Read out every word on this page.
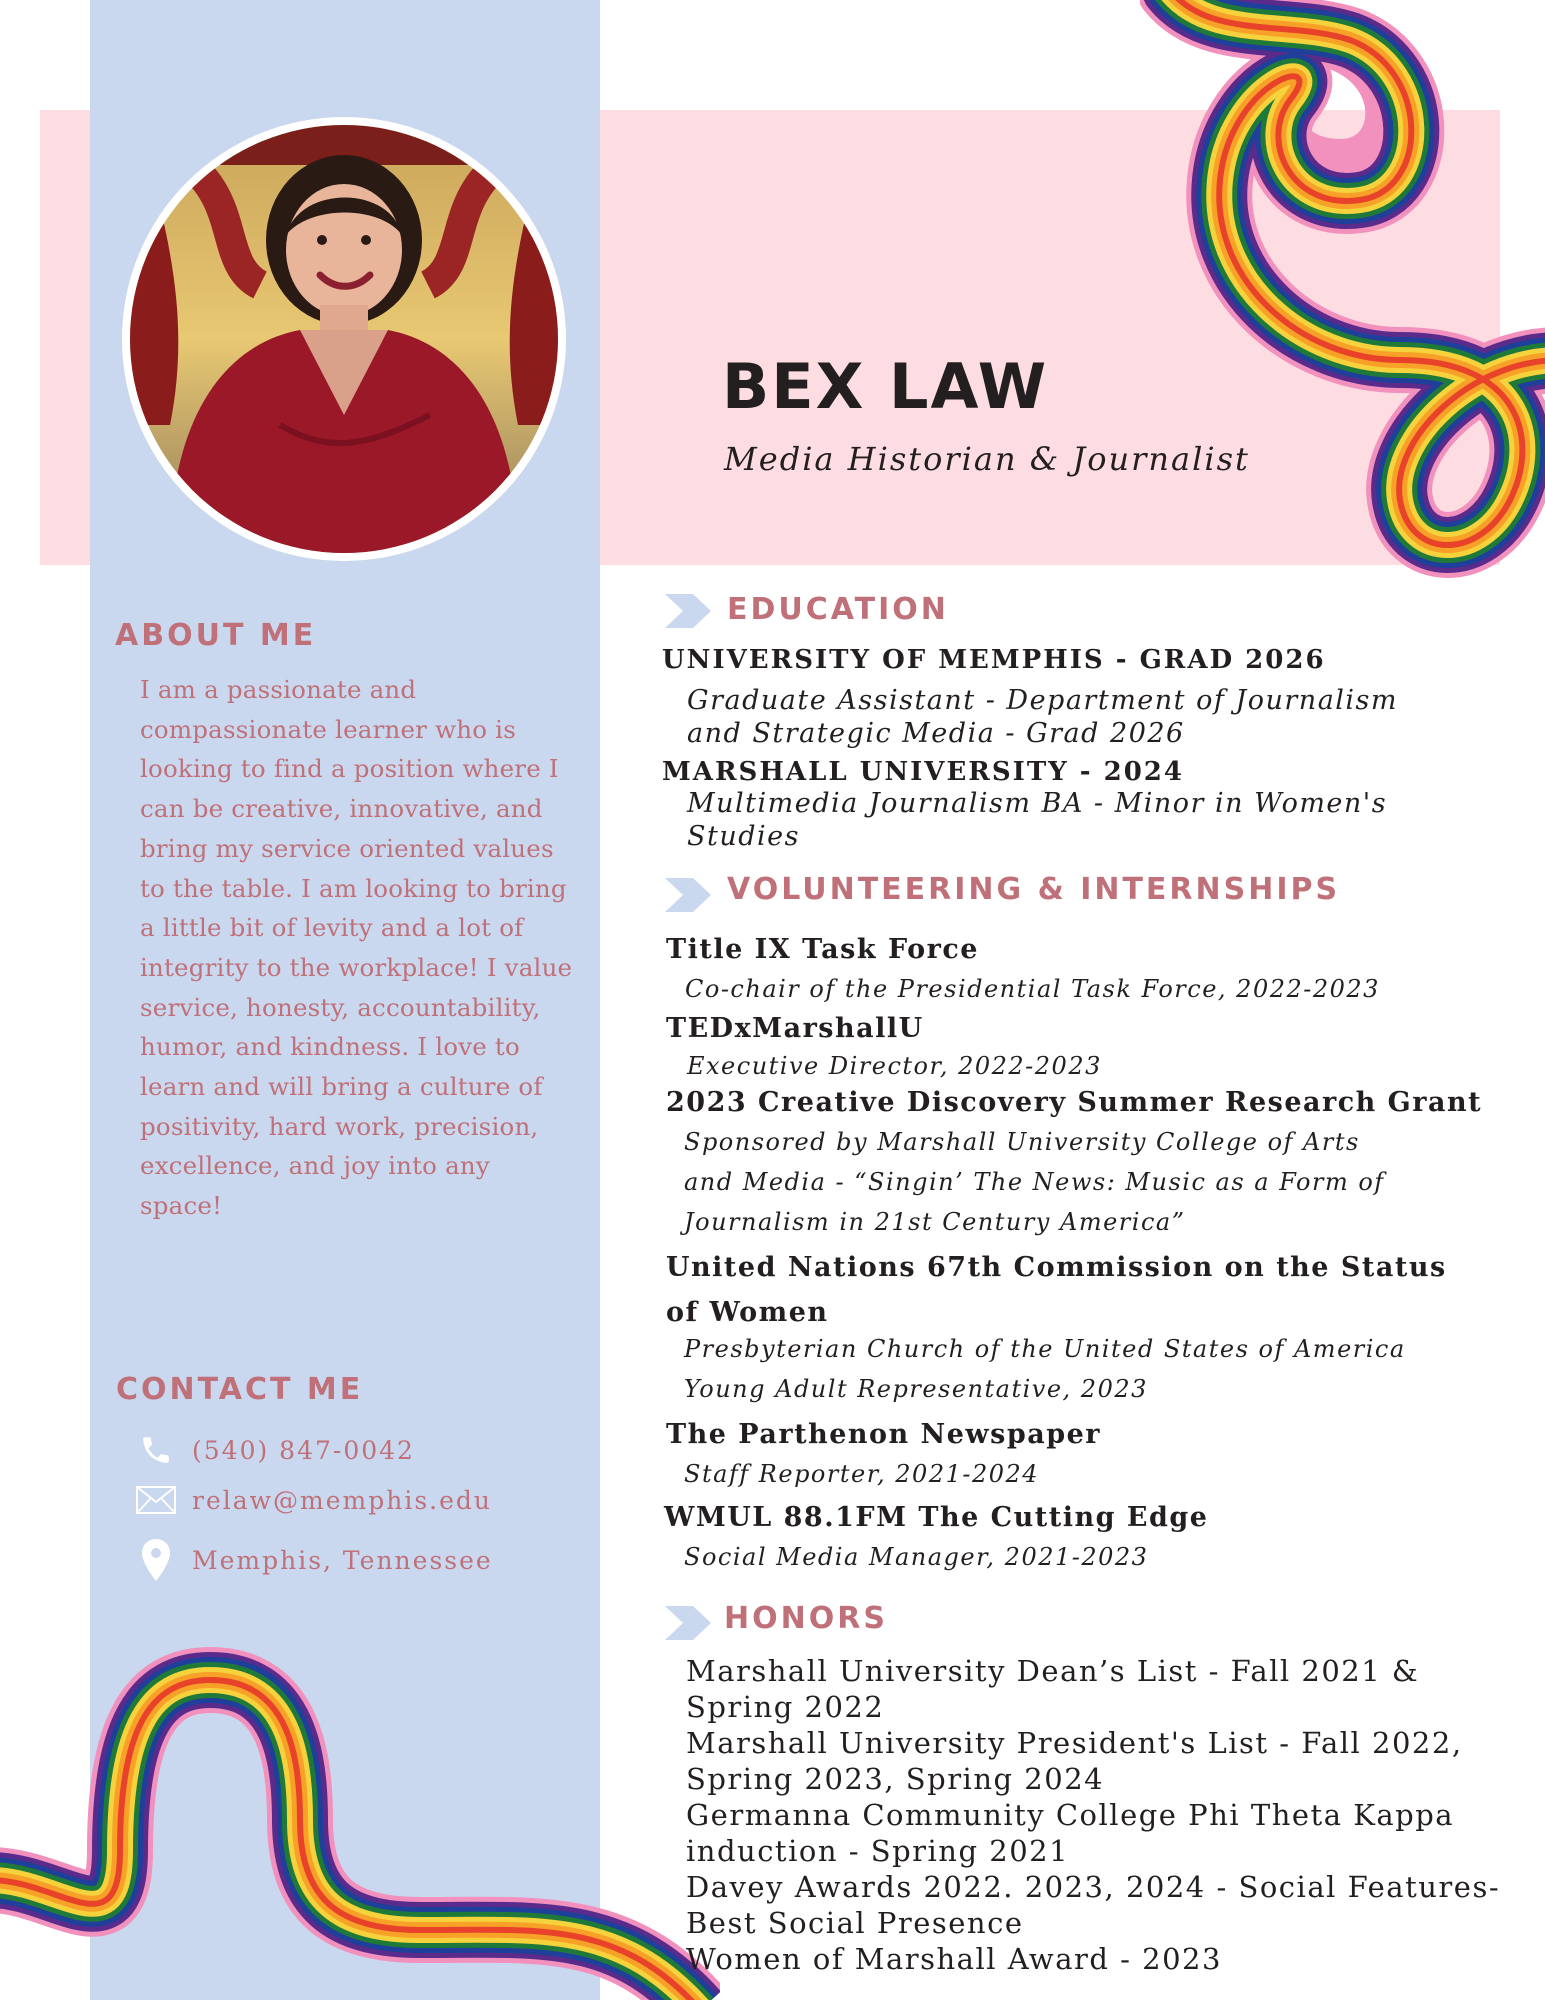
BEX LAW
Media Historian & Journalist
ABOUT ME
I am a passionate and compassionate learner who is looking to find a position where I can be creative, innovative, and bring my service oriented values to the table. I am looking to bring a little bit of levity and a lot of integrity to the workplace! I value service, honesty, accountability, humor, and kindness. I love to learn and will bring a culture of positivity, hard work, precision, excellence, and joy into any space!
CONTACT ME
(540) 847-0042
relaw@memphis.edu
Memphis, Tennessee
EDUCATION
UNIVERSITY OF MEMPHIS - GRAD 2026
Graduate Assistant - Department of Journalism
and Strategic Media - Grad 2026
MARSHALL UNIVERSITY - 2024
Multimedia Journalism BA - Minor in Women's
Studies
VOLUNTEERING & INTERNSHIPS
Title IX Task Force
Co-chair of the Presidential Task Force, 2022-2023
TEDxMarshallU
Executive Director, 2022-2023
2023 Creative Discovery Summer Research Grant
Sponsored by Marshall University College of Arts
and Media - “Singin’ The News: Music as a Form of
Journalism in 21st Century America”
United Nations 67th Commission on the Status
of Women
Presbyterian Church of the United States of America
Young Adult Representative, 2023
The Parthenon Newspaper
Staff Reporter, 2021-2024
WMUL 88.1FM The Cutting Edge
Social Media Manager, 2021-2023
HONORS
Marshall University Dean’s List - Fall 2021 &
Spring 2022
Marshall University President's List - Fall 2022,
Spring 2023, Spring 2024
Germanna Community College Phi Theta Kappa
induction - Spring 2021
Davey Awards 2022. 2023, 2024 - Social Features-
Best Social Presence
Women of Marshall Award - 2023
